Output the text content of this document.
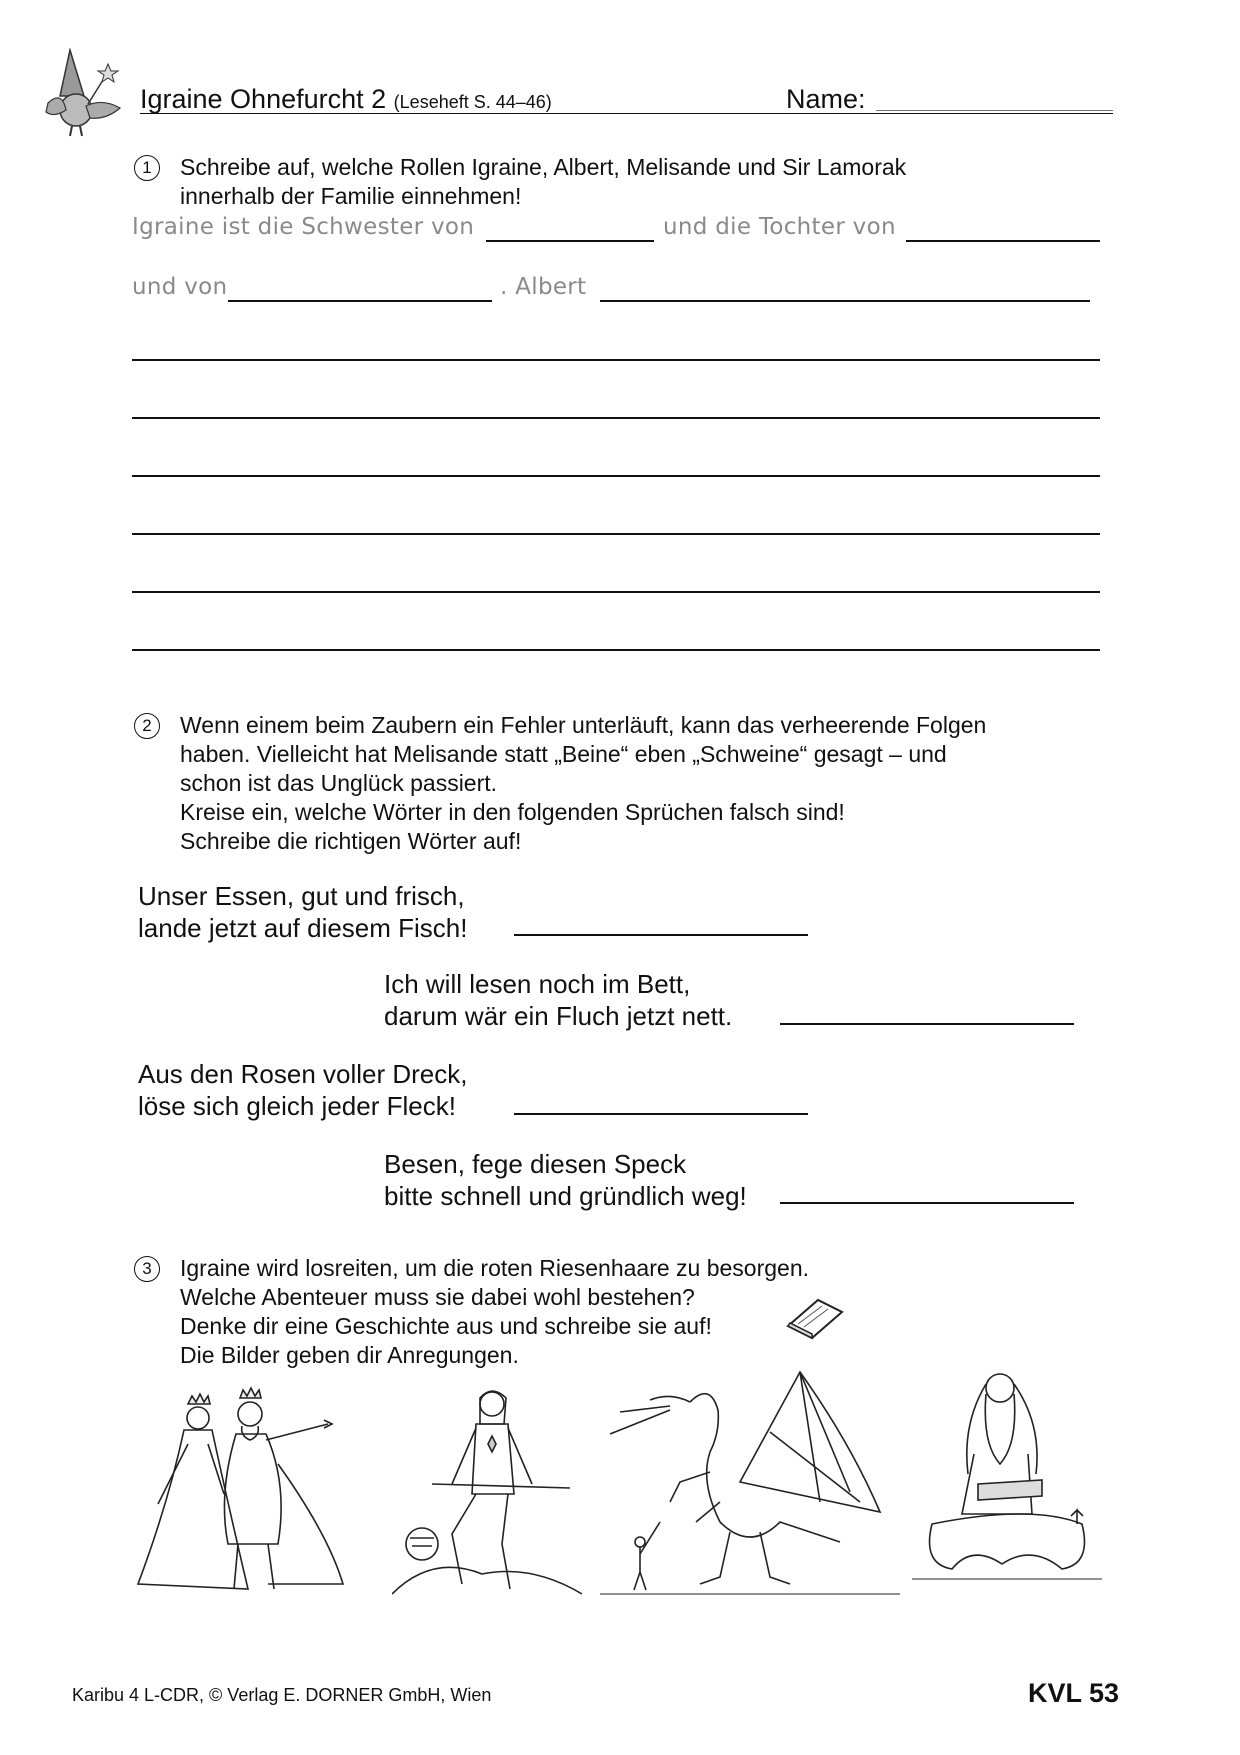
Igraine Ohnefurcht 2 (Leseheft S. 44–46)	Name:
1	Schreibe auf, welche Rollen Igraine, Albert, Melisande und Sir Lamorak
innerhalb der Familie einnehmen!
Igraine ist die Schwester von	und die Tochter von
und von	. Albert
2	Wenn einem beim Zaubern ein Fehler unterläuft, kann das verheerende Folgen
haben. Vielleicht hat Melisande statt „Beine“ eben „Schweine“ gesagt – und
schon ist das Unglück passiert.
Kreise ein, welche Wörter in den folgenden Sprüchen falsch sind!
Schreibe die richtigen Wörter auf!
Unser Essen, gut und frisch,
lande jetzt auf diesem Fisch!
Ich will lesen noch im Bett,
darum wär ein Fluch jetzt nett.
Aus den Rosen voller Dreck,
löse sich gleich jeder Fleck!
Besen, fege diesen Speck
bitte schnell und gründlich weg!
3	Igraine wird losreiten, um die roten Riesenhaare zu besorgen.
Welche Abenteuer muss sie dabei wohl bestehen?
Denke dir eine Geschichte aus und schreibe sie auf!
Die Bilder geben dir Anregungen.
Karibu 4 L-CDR, © Verlag E. DORNER GmbH, Wien	KVL 53
